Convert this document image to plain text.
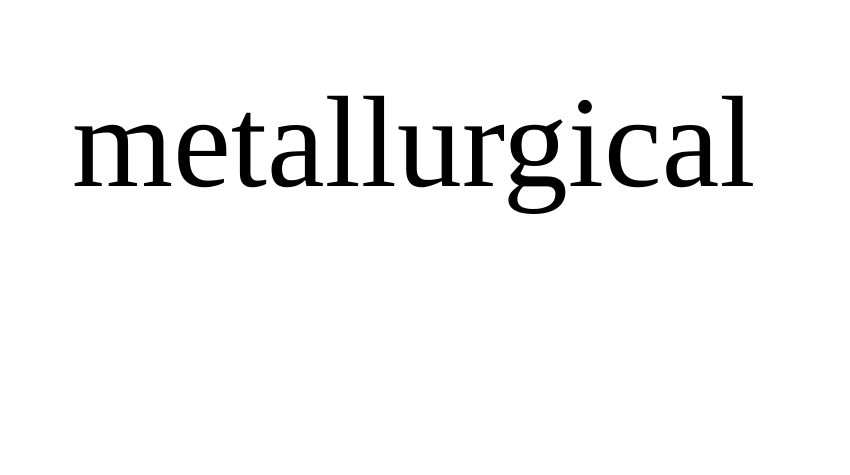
metallurgical
